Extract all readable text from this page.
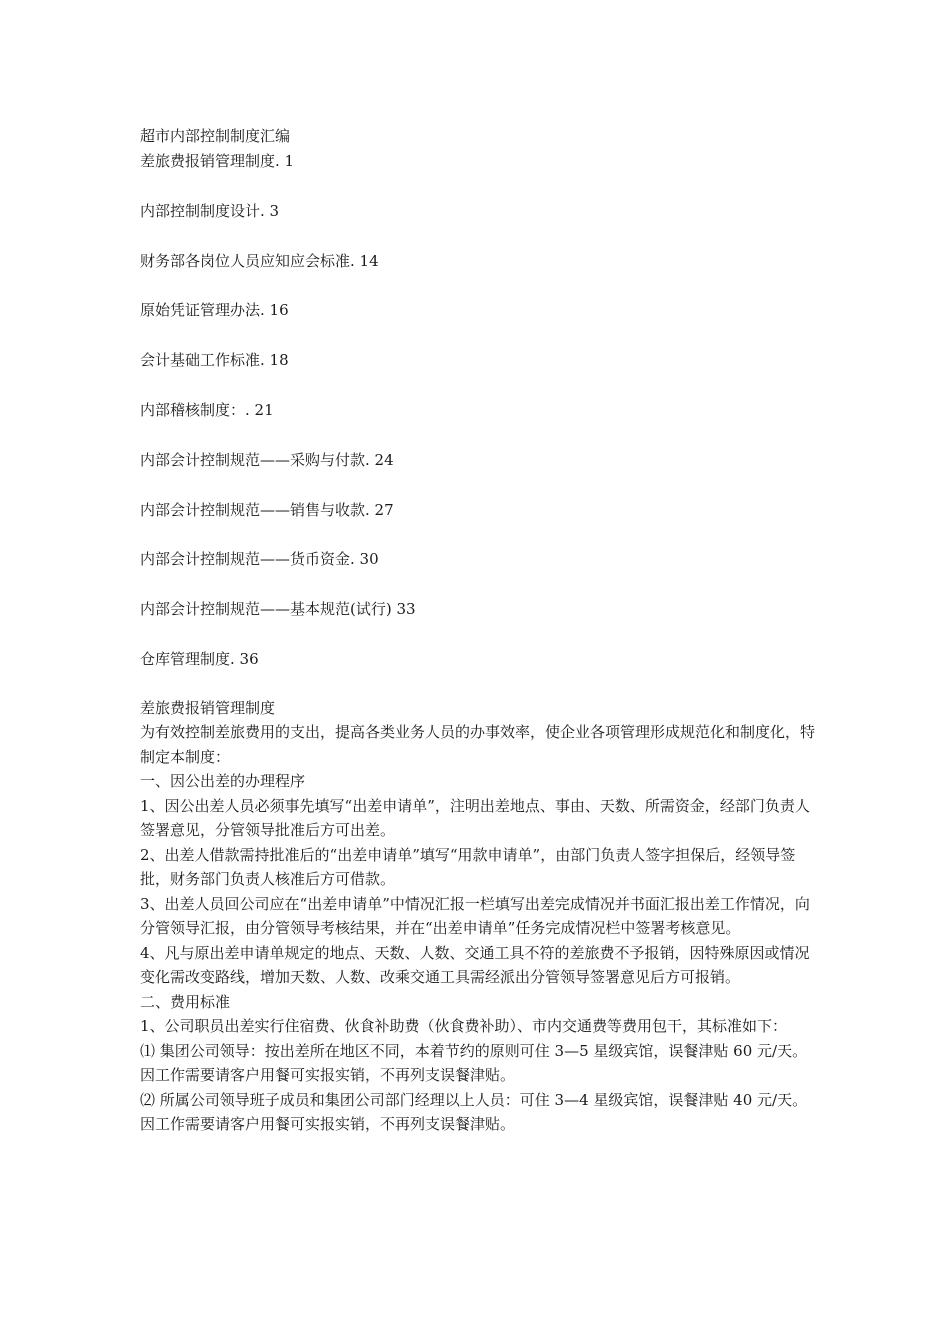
超市内部控制制度汇编
差旅费报销管理制度. 1
内部控制制度设计. 3
财务部各岗位人员应知应会标准. 14
原始凭证管理办法. 16
会计基础工作标准. 18
内部稽核制度：. 21
内部会计控制规范——采购与付款. 24
内部会计控制规范——销售与收款. 27
内部会计控制规范——货币资金. 30
内部会计控制规范——基本规范(试行) 33
仓库管理制度. 36
差旅费报销管理制度

为有效控制差旅费用的支出，提高各类业务人员的办事效率，使企业各项管理形成规范化和制度化，特制定本制度：

一、因公出差的办理程序

1、因公出差人员必须事先填写“出差申请单”，注明出差地点、事由、天数、所需资金，经部门负责人签署意见，分管领导批准后方可出差。

2、出差人借款需持批准后的“出差申请单”填写“用款申请单”，由部门负责人签字担保后，经领导签批，财务部门负责人核准后方可借款。

3、出差人员回公司应在“出差申请单”中情况汇报一栏填写出差完成情况并书面汇报出差工作情况，向分管领导汇报，由分管领导考核结果，并在“出差申请单”任务完成情况栏中签署考核意见。

4、凡与原出差申请单规定的地点、天数、人数、交通工具不符的差旅费不予报销，因特殊原因或情况变化需改变路线，增加天数、人数、改乘交通工具需经派出分管领导签署意见后方可报销。

二、费用标准

1、公司职员出差实行住宿费、伙食补助费（伙食费补助）、市内交通费等费用包干，其标准如下：

⑴ 集团公司领导：按出差所在地区不同，本着节约的原则可住 3—5 星级宾馆，误餐津贴 60 元/天。因工作需要请客户用餐可实报实销，不再列支误餐津贴。

⑵ 所属公司领导班子成员和集团公司部门经理以上人员：可住 3—4 星级宾馆，误餐津贴 40 元/天。因工作需要请客户用餐可实报实销，不再列支误餐津贴。
